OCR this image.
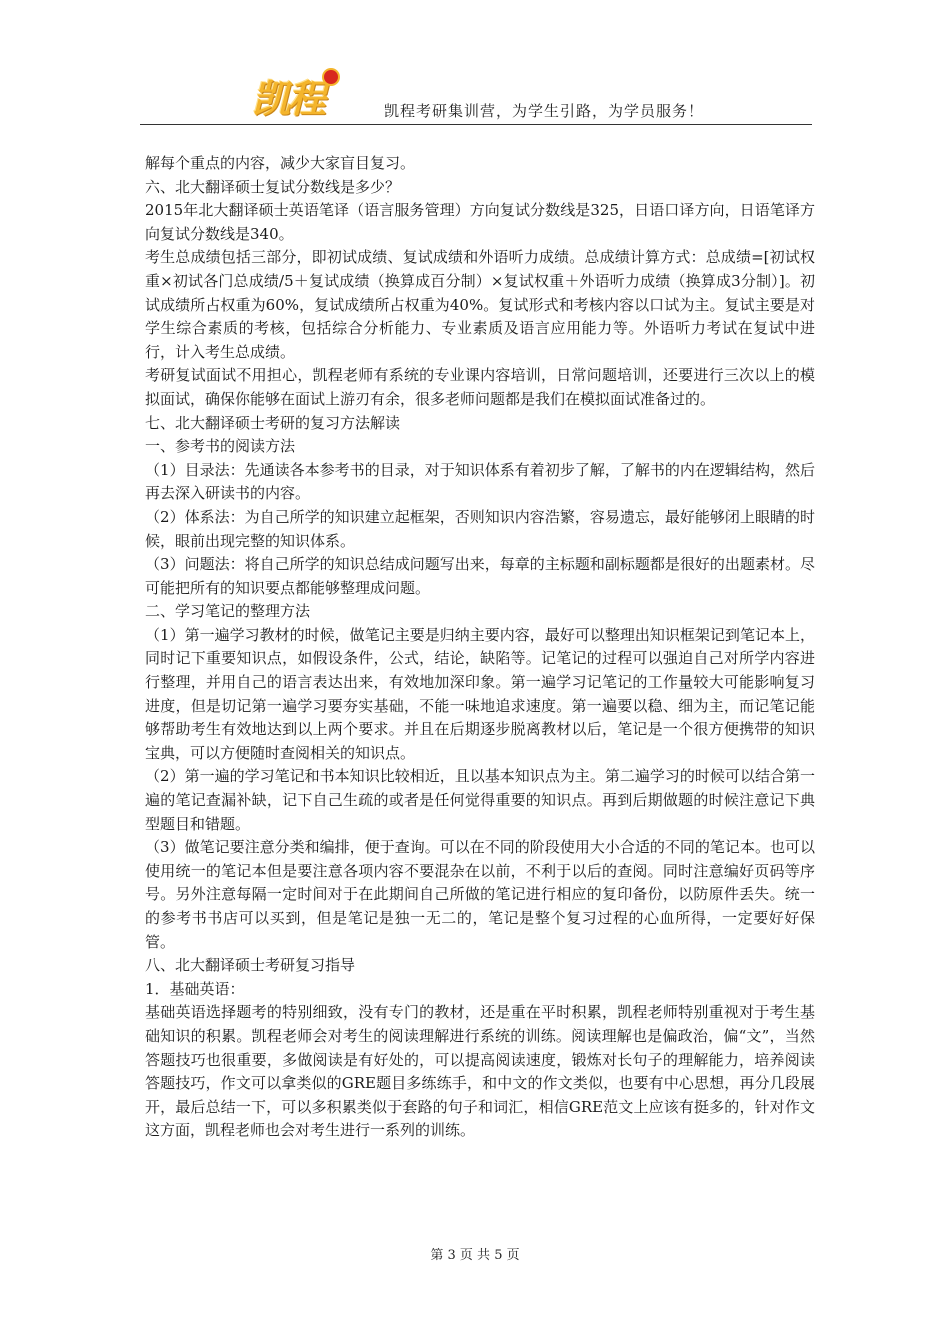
凯程	凯程考研集训营，为学生引路，为学员服务！

解每个重点的内容，减少大家盲目复习。

六、北大翻译硕士复试分数线是多少？

2015年北大翻译硕士英语笔译（语言服务管理）方向复试分数线是325，日语口译方向，日语笔译方向复试分数线是340。

考生总成绩包括三部分，即初试成绩、复试成绩和外语听力成绩。总成绩计算方式：总成绩=[初试权重×初试各门总成绩/5＋复试成绩（换算成百分制）×复试权重＋外语听力成绩（换算成3分制）]。初试成绩所占权重为60%，复试成绩所占权重为40%。复试形式和考核内容以口试为主。复试主要是对学生综合素质的考核，包括综合分析能力、专业素质及语言应用能力等。外语听力考试在复试中进行，计入考生总成绩。

考研复试面试不用担心，凯程老师有系统的专业课内容培训，日常问题培训，还要进行三次以上的模拟面试，确保你能够在面试上游刃有余，很多老师问题都是我们在模拟面试准备过的。

七、北大翻译硕士考研的复习方法解读

一、参考书的阅读方法

（1）目录法：先通读各本参考书的目录，对于知识体系有着初步了解，了解书的内在逻辑结构，然后再去深入研读书的内容。

（2）体系法：为自己所学的知识建立起框架，否则知识内容浩繁，容易遗忘，最好能够闭上眼睛的时候，眼前出现完整的知识体系。

（3）问题法：将自己所学的知识总结成问题写出来，每章的主标题和副标题都是很好的出题素材。尽可能把所有的知识要点都能够整理成问题。

二、学习笔记的整理方法

（1）第一遍学习教材的时候，做笔记主要是归纳主要内容，最好可以整理出知识框架记到笔记本上，同时记下重要知识点，如假设条件，公式，结论，缺陷等。记笔记的过程可以强迫自己对所学内容进行整理，并用自己的语言表达出来，有效地加深印象。第一遍学习记笔记的工作量较大可能影响复习进度，但是切记第一遍学习要夯实基础，不能一味地追求速度。第一遍要以稳、细为主，而记笔记能够帮助考生有效地达到以上两个要求。并且在后期逐步脱离教材以后，笔记是一个很方便携带的知识宝典，可以方便随时查阅相关的知识点。

（2）第一遍的学习笔记和书本知识比较相近，且以基本知识点为主。第二遍学习的时候可以结合第一遍的笔记查漏补缺，记下自己生疏的或者是任何觉得重要的知识点。再到后期做题的时候注意记下典型题目和错题。

（3）做笔记要注意分类和编排，便于查询。可以在不同的阶段使用大小合适的不同的笔记本。也可以使用统一的笔记本但是要注意各项内容不要混杂在以前，不利于以后的查阅。同时注意编好页码等序号。另外注意每隔一定时间对于在此期间自己所做的笔记进行相应的复印备份，以防原件丢失。统一的参考书书店可以买到，但是笔记是独一无二的，笔记是整个复习过程的心血所得，一定要好好保管。

八、北大翻译硕士考研复习指导

1．基础英语：

基础英语选择题考的特别细致，没有专门的教材，还是重在平时积累，凯程老师特别重视对于考生基础知识的积累。凯程老师会对考生的阅读理解进行系统的训练。阅读理解也是偏政治，偏“文”，当然答题技巧也很重要，多做阅读是有好处的，可以提高阅读速度，锻炼对长句子的理解能力，培养阅读答题技巧，作文可以拿类似的GRE题目多练练手，和中文的作文类似，也要有中心思想，再分几段展开，最后总结一下，可以多积累类似于套路的句子和词汇，相信GRE范文上应该有挺多的，针对作文这方面，凯程老师也会对考生进行一系列的训练。

第 3 页 共 5 页
